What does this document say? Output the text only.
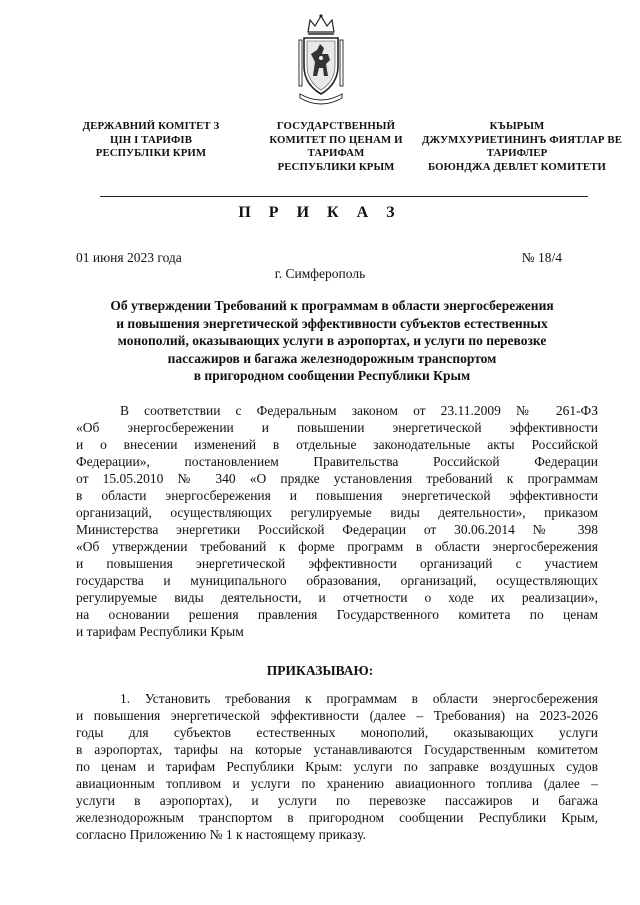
ДЕРЖАВНИЙ КОМІТЕТ З
ЦІН І ТАРИФІВ
РЕСПУБЛІКИ КРИМ
ГОСУДАРСТВЕННЫЙ
КОМИТЕТ ПО ЦЕНАМ И
ТАРИФАМ
РЕСПУБЛИКИ КРЫМ
КЪЫРЫМ
ДЖУМХУРИЕТИНИНЪ ФИЯТЛАР ВЕ
ТАРИФЛЕР
БОЮНДЖА ДЕВЛЕТ КОМИТЕТИ
П Р И К А З
01 июня 2023 года	№ 18/4
г. Симферополь
Об утверждении Требований к программам в области энергосбережения
и повышения энергетической эффективности субъектов естественных
монополий, оказывающих услуги в аэропортах, и услуги по перевозке
пассажиров и багажа железнодорожным транспортом
в пригородном сообщении Республики Крым
В соответствии с Федеральным законом от 23.11.2009 № 261-ФЗ
«Об энергосбережении и повышении энергетической эффективности
и о внесении изменений в отдельные законодательные акты Российской
Федерации», постановлением Правительства Российской Федерации
от 15.05.2010 № 340 «О прядке установления требований к программам
в области энергосбережения и повышения энергетической эффективности
организаций, осуществляющих регулируемые виды деятельности», приказом
Министерства энергетики Российской Федерации от 30.06.2014 № 398
«Об утверждении требований к форме программ в области энергосбережения
и повышения энергетической эффективности организаций с участием
государства и муниципального образования, организаций, осуществляющих
регулируемые виды деятельности, и отчетности о ходе их реализации»,
на основании решения правления Государственного комитета по ценам
и тарифам Республики Крым
ПРИКАЗЫВАЮ:
1. Установить требования к программам в области энергосбережения
и повышения энергетической эффективности (далее – Требования) на 2023-2026
годы для субъектов естественных монополий, оказывающих услуги
в аэропортах, тарифы на которые устанавливаются Государственным комитетом
по ценам и тарифам Республики Крым: услуги по заправке воздушных судов
авиационным топливом и услуги по хранению авиационного топлива (далее –
услуги в аэропортах), и услуги по перевозке пассажиров и багажа
железнодорожным транспортом в пригородном сообщении Республики Крым,
согласно Приложению № 1 к настоящему приказу.
